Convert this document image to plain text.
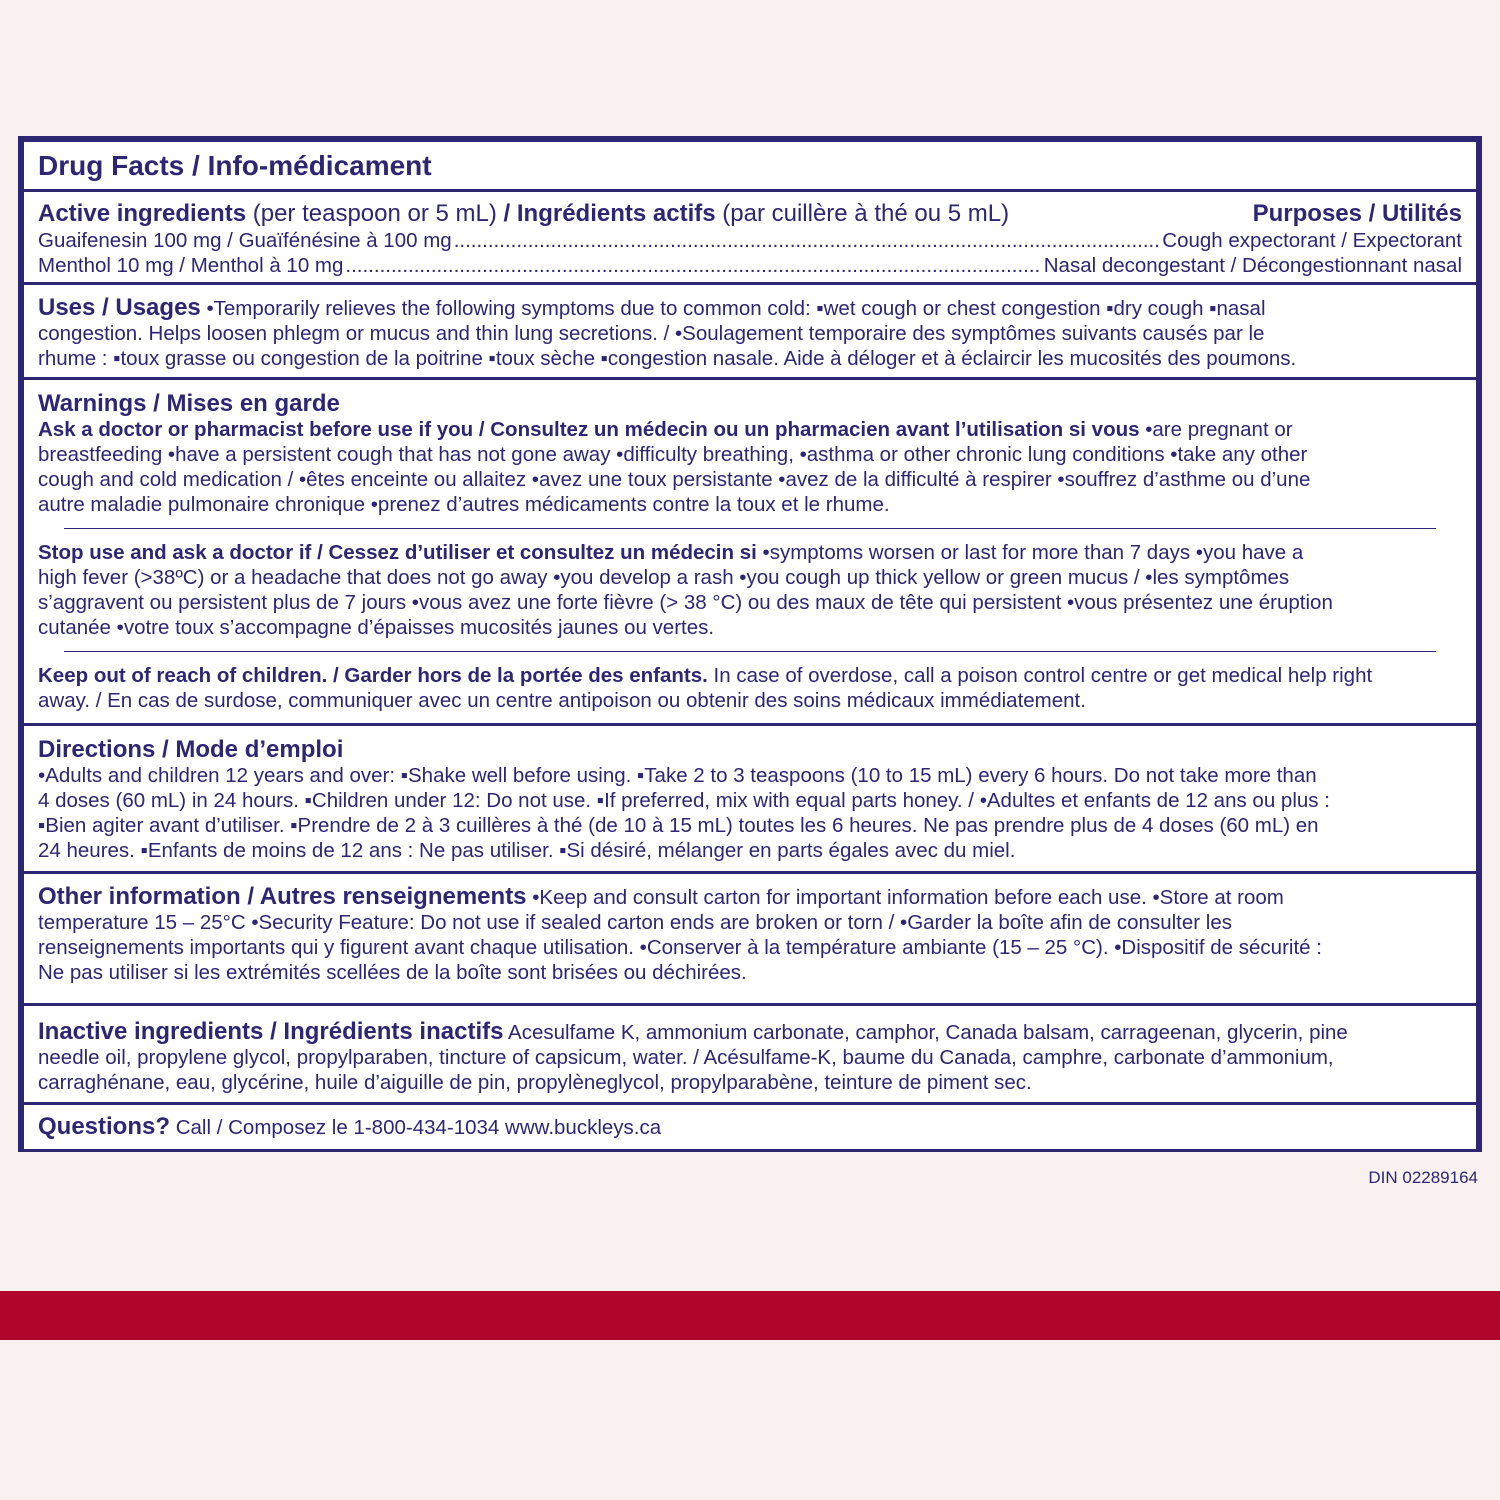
Drug Facts / Info-médicament
Active ingredients (per teaspoon or 5 mL) / Ingrédients actifs (par cuillère à thé ou 5 mL)	Purposes / Utilités
Guaifenesin 100 mg / Guaïfénésine à 100 mg .....	Cough expectorant / Expectorant
Menthol 10 mg / Menthol à 10 mg .....	Nasal decongestant / Décongestionnant nasal
Uses / Usages •Temporarily relieves the following symptoms due to common cold: ▪wet cough or chest congestion ▪dry cough ▪nasal
congestion. Helps loosen phlegm or mucus and thin lung secretions. / •Soulagement temporaire des symptômes suivants causés par le
rhume : ▪toux grasse ou congestion de la poitrine ▪toux sèche ▪congestion nasale. Aide à déloger et à éclaircir les mucosités des poumons.
Warnings / Mises en garde
Ask a doctor or pharmacist before use if you / Consultez un médecin ou un pharmacien avant l’utilisation si vous •are pregnant or
breastfeeding •have a persistent cough that has not gone away •difficulty breathing, •asthma or other chronic lung conditions •take any other
cough and cold medication / •êtes enceinte ou allaitez •avez une toux persistante •avez de la difficulté à respirer •souffrez d’asthme ou d’une
autre maladie pulmonaire chronique •prenez d’autres médicaments contre la toux et le rhume.
Stop use and ask a doctor if / Cessez d’utiliser et consultez un médecin si •symptoms worsen or last for more than 7 days •you have a
high fever (>38ºC) or a headache that does not go away •you develop a rash •you cough up thick yellow or green mucus / •les symptômes
s’aggravent ou persistent plus de 7 jours •vous avez une forte fièvre (> 38 °C) ou des maux de tête qui persistent •vous présentez une éruption
cutanée •votre toux s’accompagne d’épaisses mucosités jaunes ou vertes.
Keep out of reach of children. / Garder hors de la portée des enfants. In case of overdose, call a poison control centre or get medical help right
away. / En cas de surdose, communiquer avec un centre antipoison ou obtenir des soins médicaux immédiatement.
Directions / Mode d’emploi
•Adults and children 12 years and over: ▪Shake well before using. ▪Take 2 to 3 teaspoons (10 to 15 mL) every 6 hours. Do not take more than
4 doses (60 mL) in 24 hours. ▪Children under 12: Do not use. ▪If preferred, mix with equal parts honey. / •Adultes et enfants de 12 ans ou plus :
▪Bien agiter avant d’utiliser. ▪Prendre de 2 à 3 cuillères à thé (de 10 à 15 mL) toutes les 6 heures. Ne pas prendre plus de 4 doses (60 mL) en
24 heures. ▪Enfants de moins de 12 ans : Ne pas utiliser. ▪Si désiré, mélanger en parts égales avec du miel.
Other information / Autres renseignements •Keep and consult carton for important information before each use. •Store at room
temperature 15 – 25°C •Security Feature: Do not use if sealed carton ends are broken or torn / •Garder la boîte afin de consulter les
renseignements importants qui y figurent avant chaque utilisation. •Conserver à la température ambiante (15 – 25 °C). •Dispositif de sécurité :
Ne pas utiliser si les extrémités scellées de la boîte sont brisées ou déchirées.
Inactive ingredients / Ingrédients inactifs Acesulfame K, ammonium carbonate, camphor, Canada balsam, carrageenan, glycerin, pine
needle oil, propylene glycol, propylparaben, tincture of capsicum, water. / Acésulfame-K, baume du Canada, camphre, carbonate d’ammonium,
carraghénane, eau, glycérine, huile d’aiguille de pin, propylèneglycol, propylparabène, teinture de piment sec.
Questions? Call / Composez le 1-800-434-1034 www.buckleys.ca
DIN 02289164
